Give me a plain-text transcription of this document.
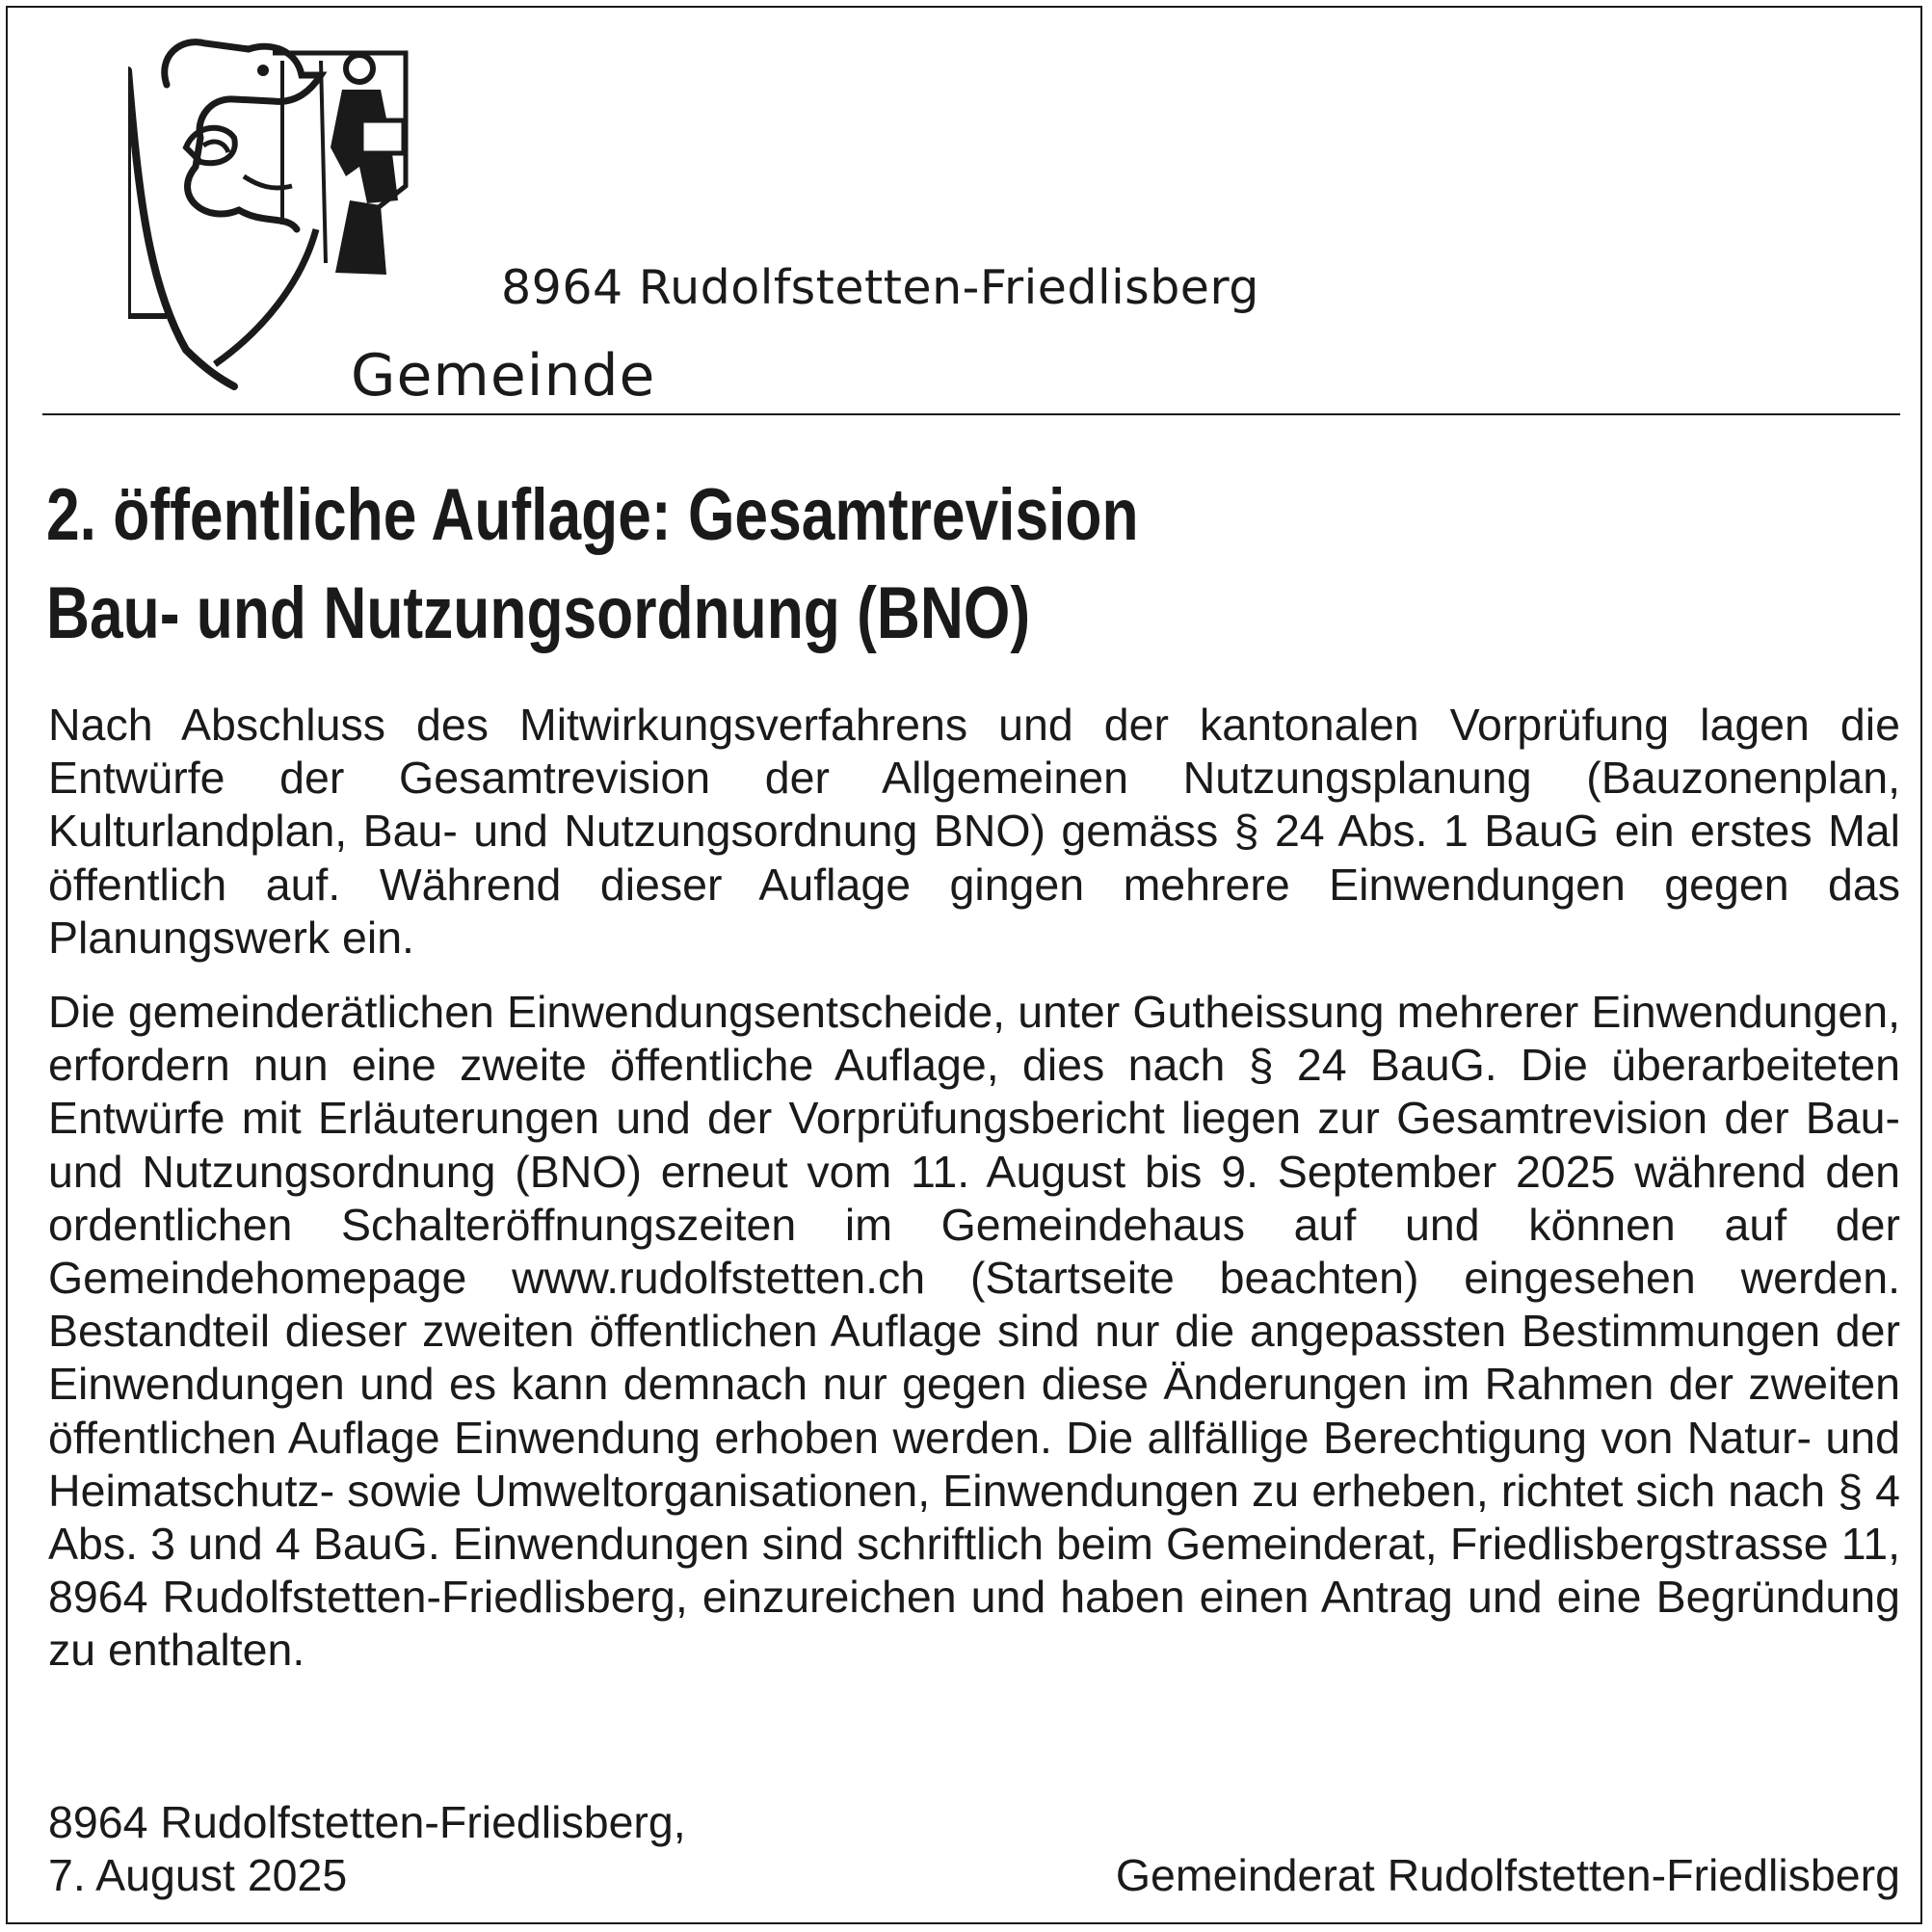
8964 Rudolfstetten-Friedlisberg
Gemeinde
2. öffentliche Auflage: Gesamtrevision
Bau- und Nutzungsordnung (BNO)

Nach Abschluss des Mitwirkungsverfahrens und der kantonalen Vorprüfung lagen die Entwürfe der Gesamtrevision der Allgemeinen Nutzungsplanung (Bauzonenplan, Kulturlandplan, Bau- und Nutzungsordnung BNO) gemäss § 24 Abs. 1 BauG ein erstes Mal öffentlich auf. Während dieser Auflage gingen mehrere Einwendungen gegen das Planungswerk ein.

Die gemeinderätlichen Einwendungsentscheide, unter Gutheissung mehrerer Einwendungen, erfordern nun eine zweite öffentliche Auflage, dies nach § 24 BauG. Die überarbeiteten Entwürfe mit Erläuterungen und der Vorprüfungsbericht liegen zur Gesamtrevision der Bau- und Nutzungsordnung (BNO) erneut vom 11. August bis 9. September 2025 während den ordentlichen Schalteröffnungszeiten im Gemeindehaus auf und können auf der Gemeindehomepage www.rudolfstetten.ch (Startseite beachten) eingesehen werden. Bestandteil dieser zweiten öffentlichen Auflage sind nur die angepassten Bestimmungen der Einwendungen und es kann demnach nur gegen diese Änderungen im Rahmen der zweiten öffentlichen Auflage Einwendung erhoben werden. Die allfällige Berechtigung von Natur- und Heimatschutz- sowie Umweltorganisationen, Einwendungen zu erheben, richtet sich nach § 4 Abs. 3 und 4 BauG. Einwendungen sind schriftlich beim Gemeinderat, Friedlisbergstrasse 11, 8964 Rudolfstetten-Friedlisberg, einzureichen und haben einen Antrag und eine Begründung zu enthalten.

8964 Rudolfstetten-Friedlisberg,
7. August 2025	Gemeinderat Rudolfstetten-Friedlisberg
